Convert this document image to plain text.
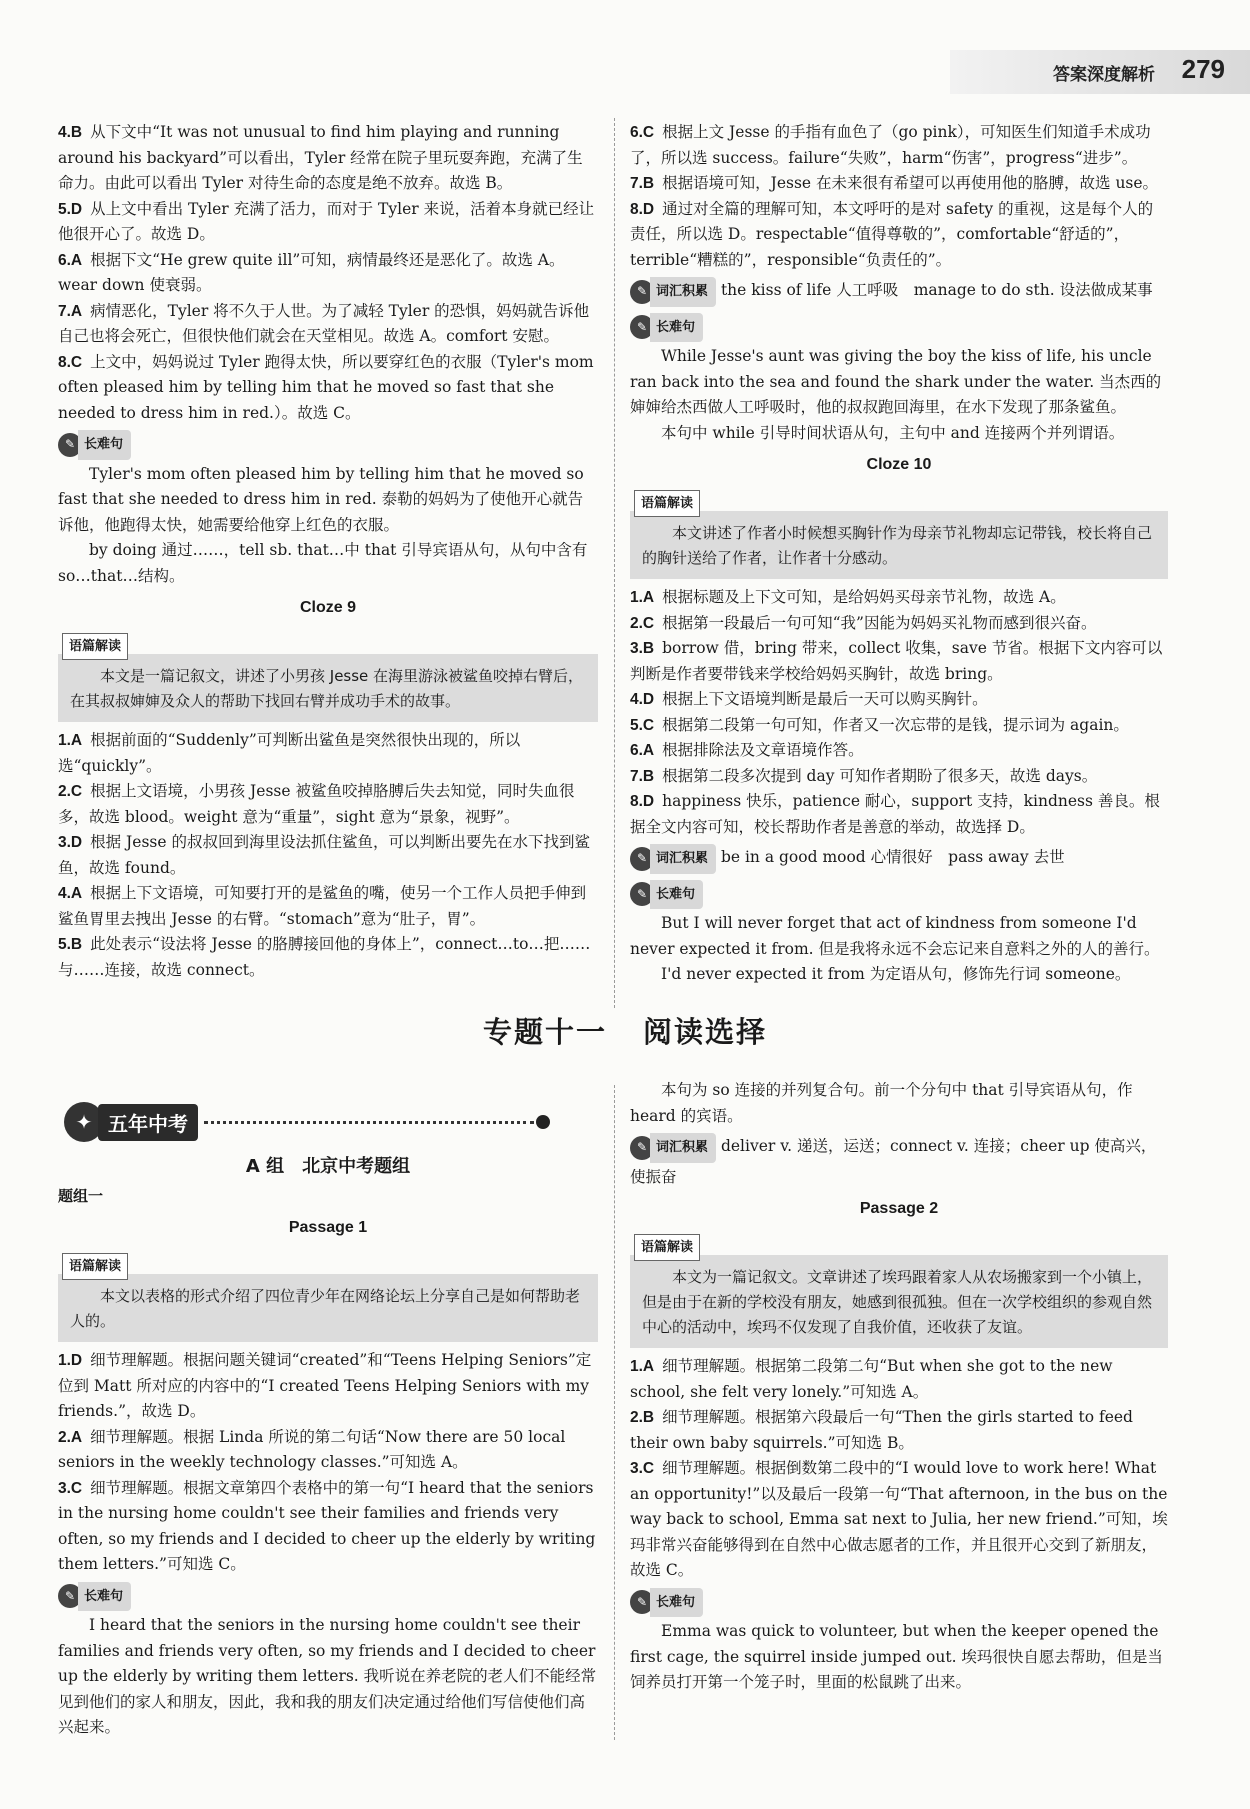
答案深度解析 279

4.B 从下文中“It was not unusual to find him playing and running around his backyard”可以看出，Tyler 经常在院子里玩耍奔跑，充满了生命力。由此可以看出 Tyler 对待生命的态度是绝不放弃。故选 B。

5.D 从上文中看出 Tyler 充满了活力，而对于 Tyler 来说，活着本身就已经让他很开心了。故选 D。

6.A 根据下文“He grew quite ill”可知，病情最终还是恶化了。故选 A。wear down 使衰弱。

7.A 病情恶化，Tyler 将不久于人世。为了减轻 Tyler 的恐惧，妈妈就告诉他自己也将会死亡，但很快他们就会在天堂相见。故选 A。comfort 安慰。

8.C 上文中，妈妈说过 Tyler 跑得太快，所以要穿红色的衣服（Tyler's mom often pleased him by telling him that he moved so fast that she needed to dress him in red.）。故选 C。

✎ 长难句

Tyler's mom often pleased him by telling him that he moved so fast that she needed to dress him in red. 泰勒的妈妈为了使他开心就告诉他，他跑得太快，她需要给他穿上红色的衣服。

by doing 通过……，tell sb. that…中 that 引导宾语从句，从句中含有 so…that…结构。

Cloze 9
语篇解读
本文是一篇记叙文，讲述了小男孩 Jesse 在海里游泳被鲨鱼咬掉右臂后，在其叔叔婶婶及众人的帮助下找回右臂并成功手术的故事。

1.A 根据前面的“Suddenly”可判断出鲨鱼是突然很快出现的，所以选“quickly”。

2.C 根据上文语境，小男孩 Jesse 被鲨鱼咬掉胳膊后失去知觉，同时失血很多，故选 blood。weight 意为“重量”，sight 意为“景象，视野”。

3.D 根据 Jesse 的叔叔回到海里设法抓住鲨鱼，可以判断出要先在水下找到鲨鱼，故选 found。

4.A 根据上下文语境，可知要打开的是鲨鱼的嘴，使另一个工作人员把手伸到鲨鱼胃里去拽出 Jesse 的右臂。“stomach”意为“肚子，胃”。

5.B 此处表示“设法将 Jesse 的胳膊接回他的身体上”，connect…to…把……与……连接，故选 connect。

6.C 根据上文 Jesse 的手指有血色了（go pink），可知医生们知道手术成功了，所以选 success。failure“失败”，harm“伤害”，progress“进步”。

7.B 根据语境可知，Jesse 在未来很有希望可以再使用他的胳膊，故选 use。

8.D 通过对全篇的理解可知，本文呼吁的是对 safety 的重视，这是每个人的责任，所以选 D。respectable“值得尊敬的”，comfortable“舒适的”，terrible“糟糕的”，responsible“负责任的”。

✎ 词汇积累 the kiss of life 人工呼吸　manage to do sth. 设法做成某事
✎ 长难句

While Jesse's aunt was giving the boy the kiss of life, his uncle ran back into the sea and found the shark under the water. 当杰西的婶婶给杰西做人工呼吸时，他的叔叔跑回海里，在水下发现了那条鲨鱼。

本句中 while 引导时间状语从句，主句中 and 连接两个并列谓语。

Cloze 10
语篇解读
本文讲述了作者小时候想买胸针作为母亲节礼物却忘记带钱，校长将自己的胸针送给了作者，让作者十分感动。

1.A 根据标题及上下文可知，是给妈妈买母亲节礼物，故选 A。

2.C 根据第一段最后一句可知“我”因能为妈妈买礼物而感到很兴奋。

3.B borrow 借，bring 带来，collect 收集，save 节省。根据下文内容可以判断是作者要带钱来学校给妈妈买胸针，故选 bring。

4.D 根据上下文语境判断是最后一天可以购买胸针。

5.C 根据第二段第一句可知，作者又一次忘带的是钱，提示词为 again。

6.A 根据排除法及文章语境作答。

7.B 根据第二段多次提到 day 可知作者期盼了很多天，故选 days。

8.D happiness 快乐，patience 耐心，support 支持，kindness 善良。根据全文内容可知，校长帮助作者是善意的举动，故选择 D。

✎ 词汇积累 be in a good mood 心情很好　pass away 去世
✎ 长难句

But I will never forget that act of kindness from someone I'd never expected it from. 但是我将永远不会忘记来自意料之外的人的善行。

I'd never expected it from 为定语从句，修饰先行词 someone。

专题十一 阅读选择
✦ 五年中考
A 组　北京中考题组
题组一
Passage 1
语篇解读
本文以表格的形式介绍了四位青少年在网络论坛上分享自己是如何帮助老人的。

1.D 细节理解题。根据问题关键词“created”和“Teens Helping Seniors”定位到 Matt 所对应的内容中的“I created Teens Helping Seniors with my friends.”，故选 D。

2.A 细节理解题。根据 Linda 所说的第二句话“Now there are 50 local seniors in the weekly technology classes.”可知选 A。

3.C 细节理解题。根据文章第四个表格中的第一句“I heard that the seniors in the nursing home couldn't see their families and friends very often, so my friends and I decided to cheer up the elderly by writing them letters.”可知选 C。

✎ 长难句

I heard that the seniors in the nursing home couldn't see their families and friends very often, so my friends and I decided to cheer up the elderly by writing them letters. 我听说在养老院的老人们不能经常见到他们的家人和朋友，因此，我和我的朋友们决定通过给他们写信使他们高兴起来。

本句为 so 连接的并列复合句。前一个分句中 that 引导宾语从句，作 heard 的宾语。

✎ 词汇积累 deliver v. 递送，运送；connect v. 连接；cheer up 使高兴，使振奋
Passage 2
语篇解读
本文为一篇记叙文。文章讲述了埃玛跟着家人从农场搬家到一个小镇上，但是由于在新的学校没有朋友，她感到很孤独。但在一次学校组织的参观自然中心的活动中，埃玛不仅发现了自我价值，还收获了友谊。

1.A 细节理解题。根据第二段第二句“But when she got to the new school, she felt very lonely.”可知选 A。

2.B 细节理解题。根据第六段最后一句“Then the girls started to feed their own baby squirrels.”可知选 B。

3.C 细节理解题。根据倒数第二段中的“I would love to work here! What an opportunity!”以及最后一段第一句“That afternoon, in the bus on the way back to school, Emma sat next to Julia, her new friend.”可知，埃玛非常兴奋能够得到在自然中心做志愿者的工作，并且很开心交到了新朋友，故选 C。

✎ 长难句

Emma was quick to volunteer, but when the keeper opened the first cage, the squirrel inside jumped out. 埃玛很快自愿去帮助，但是当饲养员打开第一个笼子时，里面的松鼠跳了出来。
